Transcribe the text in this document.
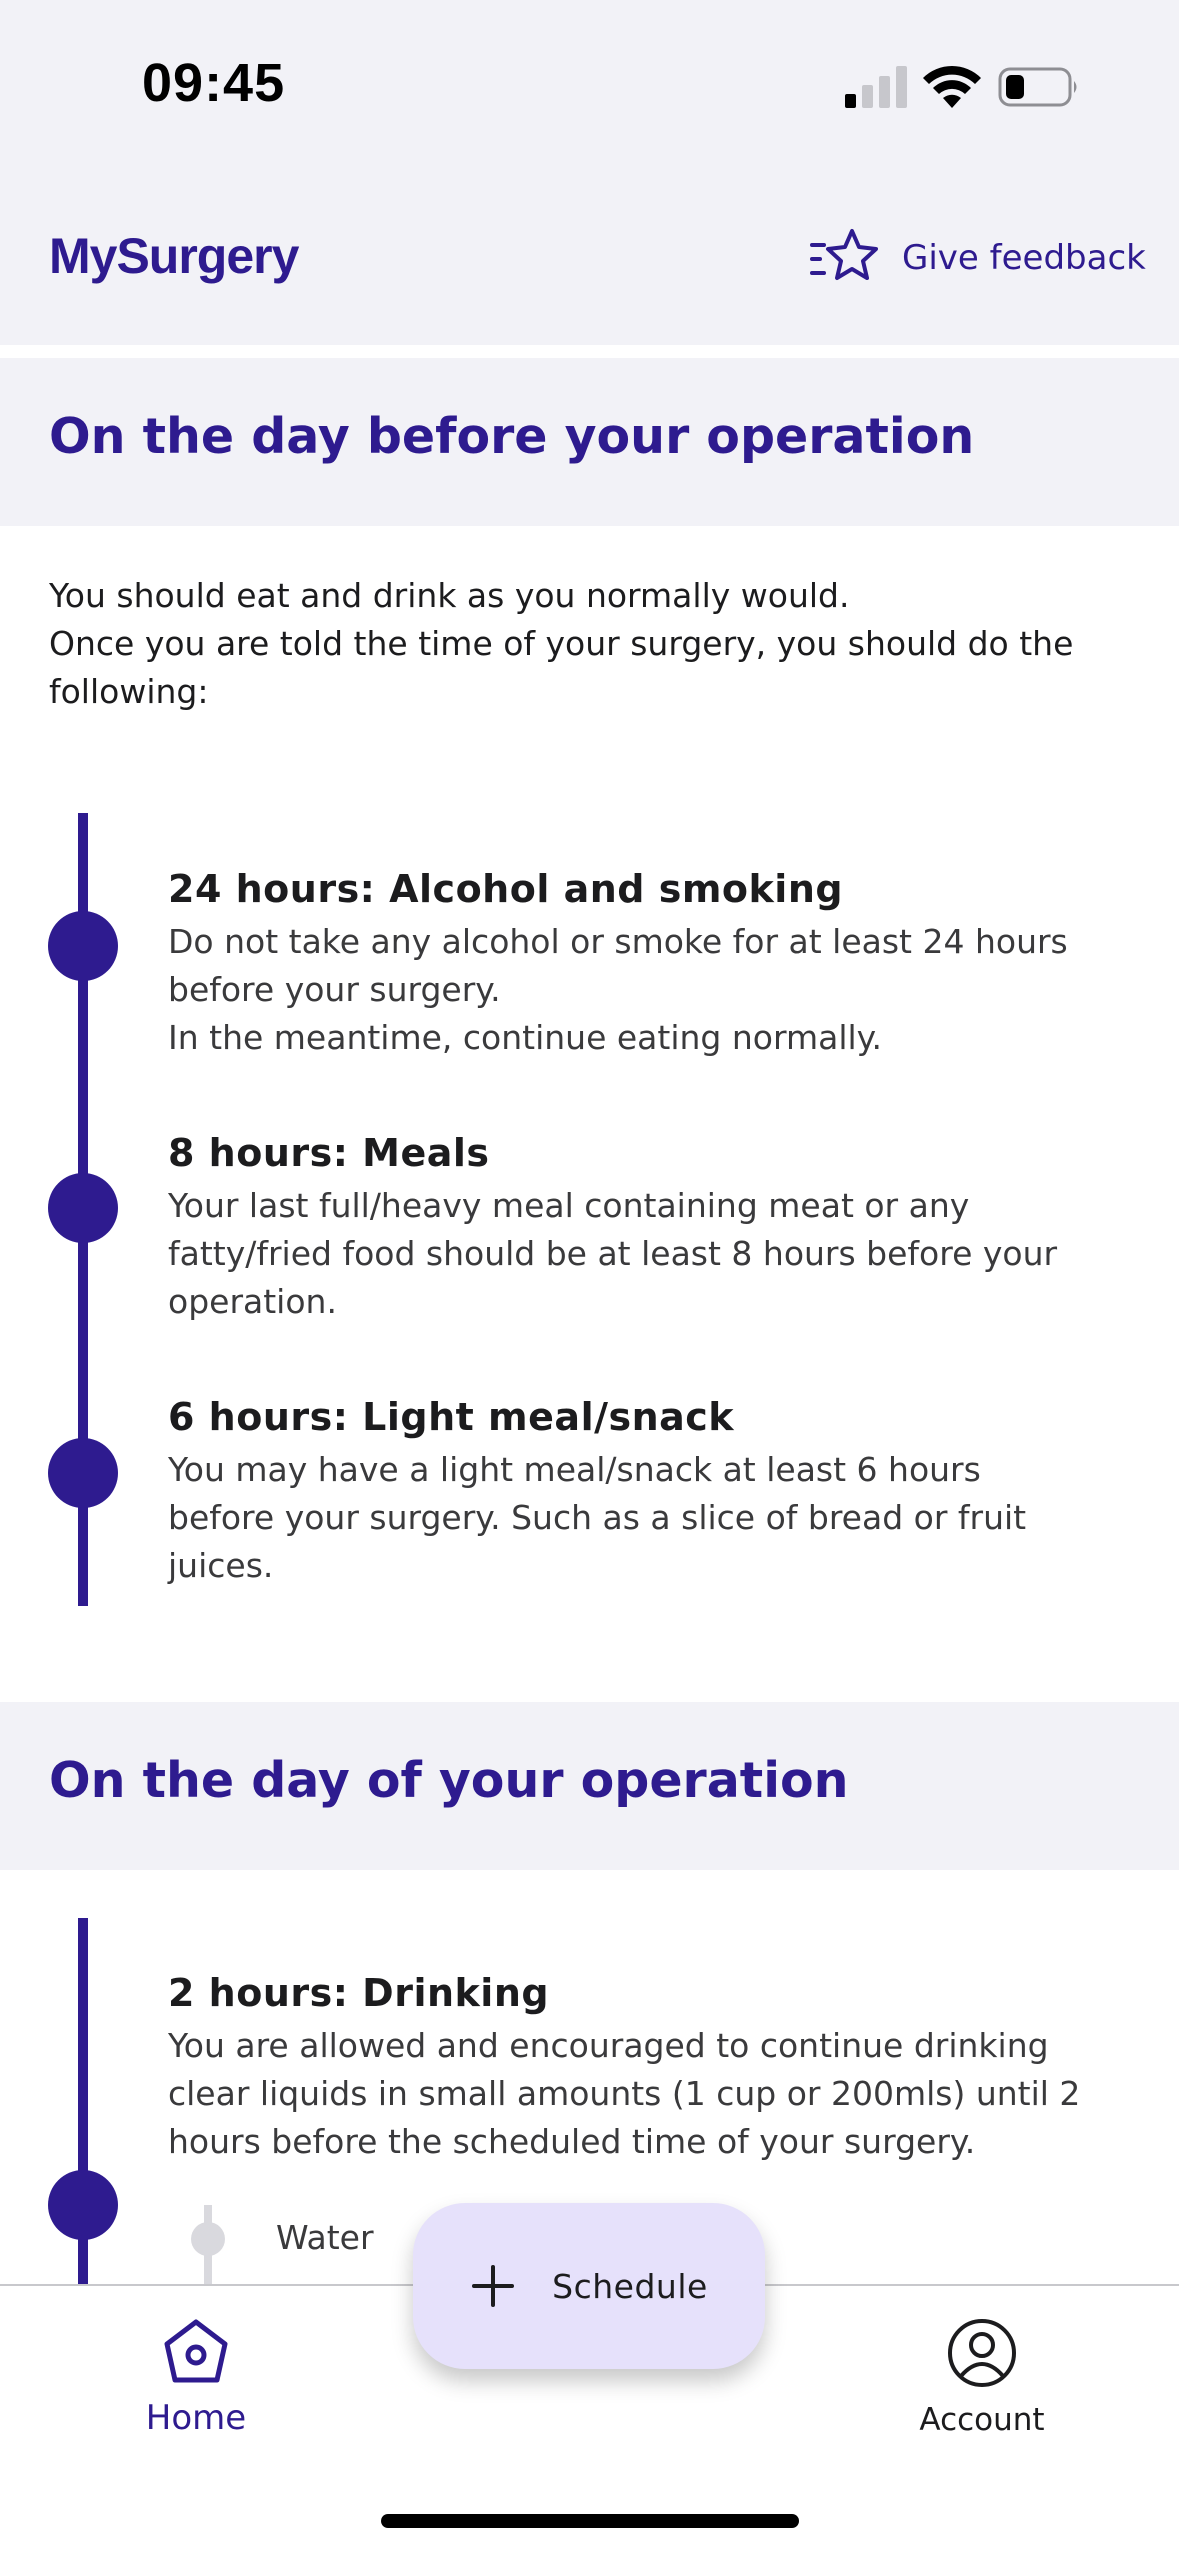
09:45
MySurgery	Give feedback
On the day before your operation
You should eat and drink as you normally would.
Once you are told the time of your surgery, you should do the following:
24 hours: Alcohol and smoking
Do not take any alcohol or smoke for at least 24 hours before your surgery.
In the meantime, continue eating normally.
8 hours: Meals
Your last full/heavy meal containing meat or any fatty/fried food should be at least 8 hours before your operation.
6 hours: Light meal/snack
You may have a light meal/snack at least 6 hours before your surgery. Such as a slice of bread or fruit juices.
On the day of your operation
2 hours: Drinking
You are allowed and encouraged to continue drinking clear liquids in small amounts (1 cup or 200mls) until 2 hours before the scheduled time of your surgery.
Water
Home	Account
Schedule
